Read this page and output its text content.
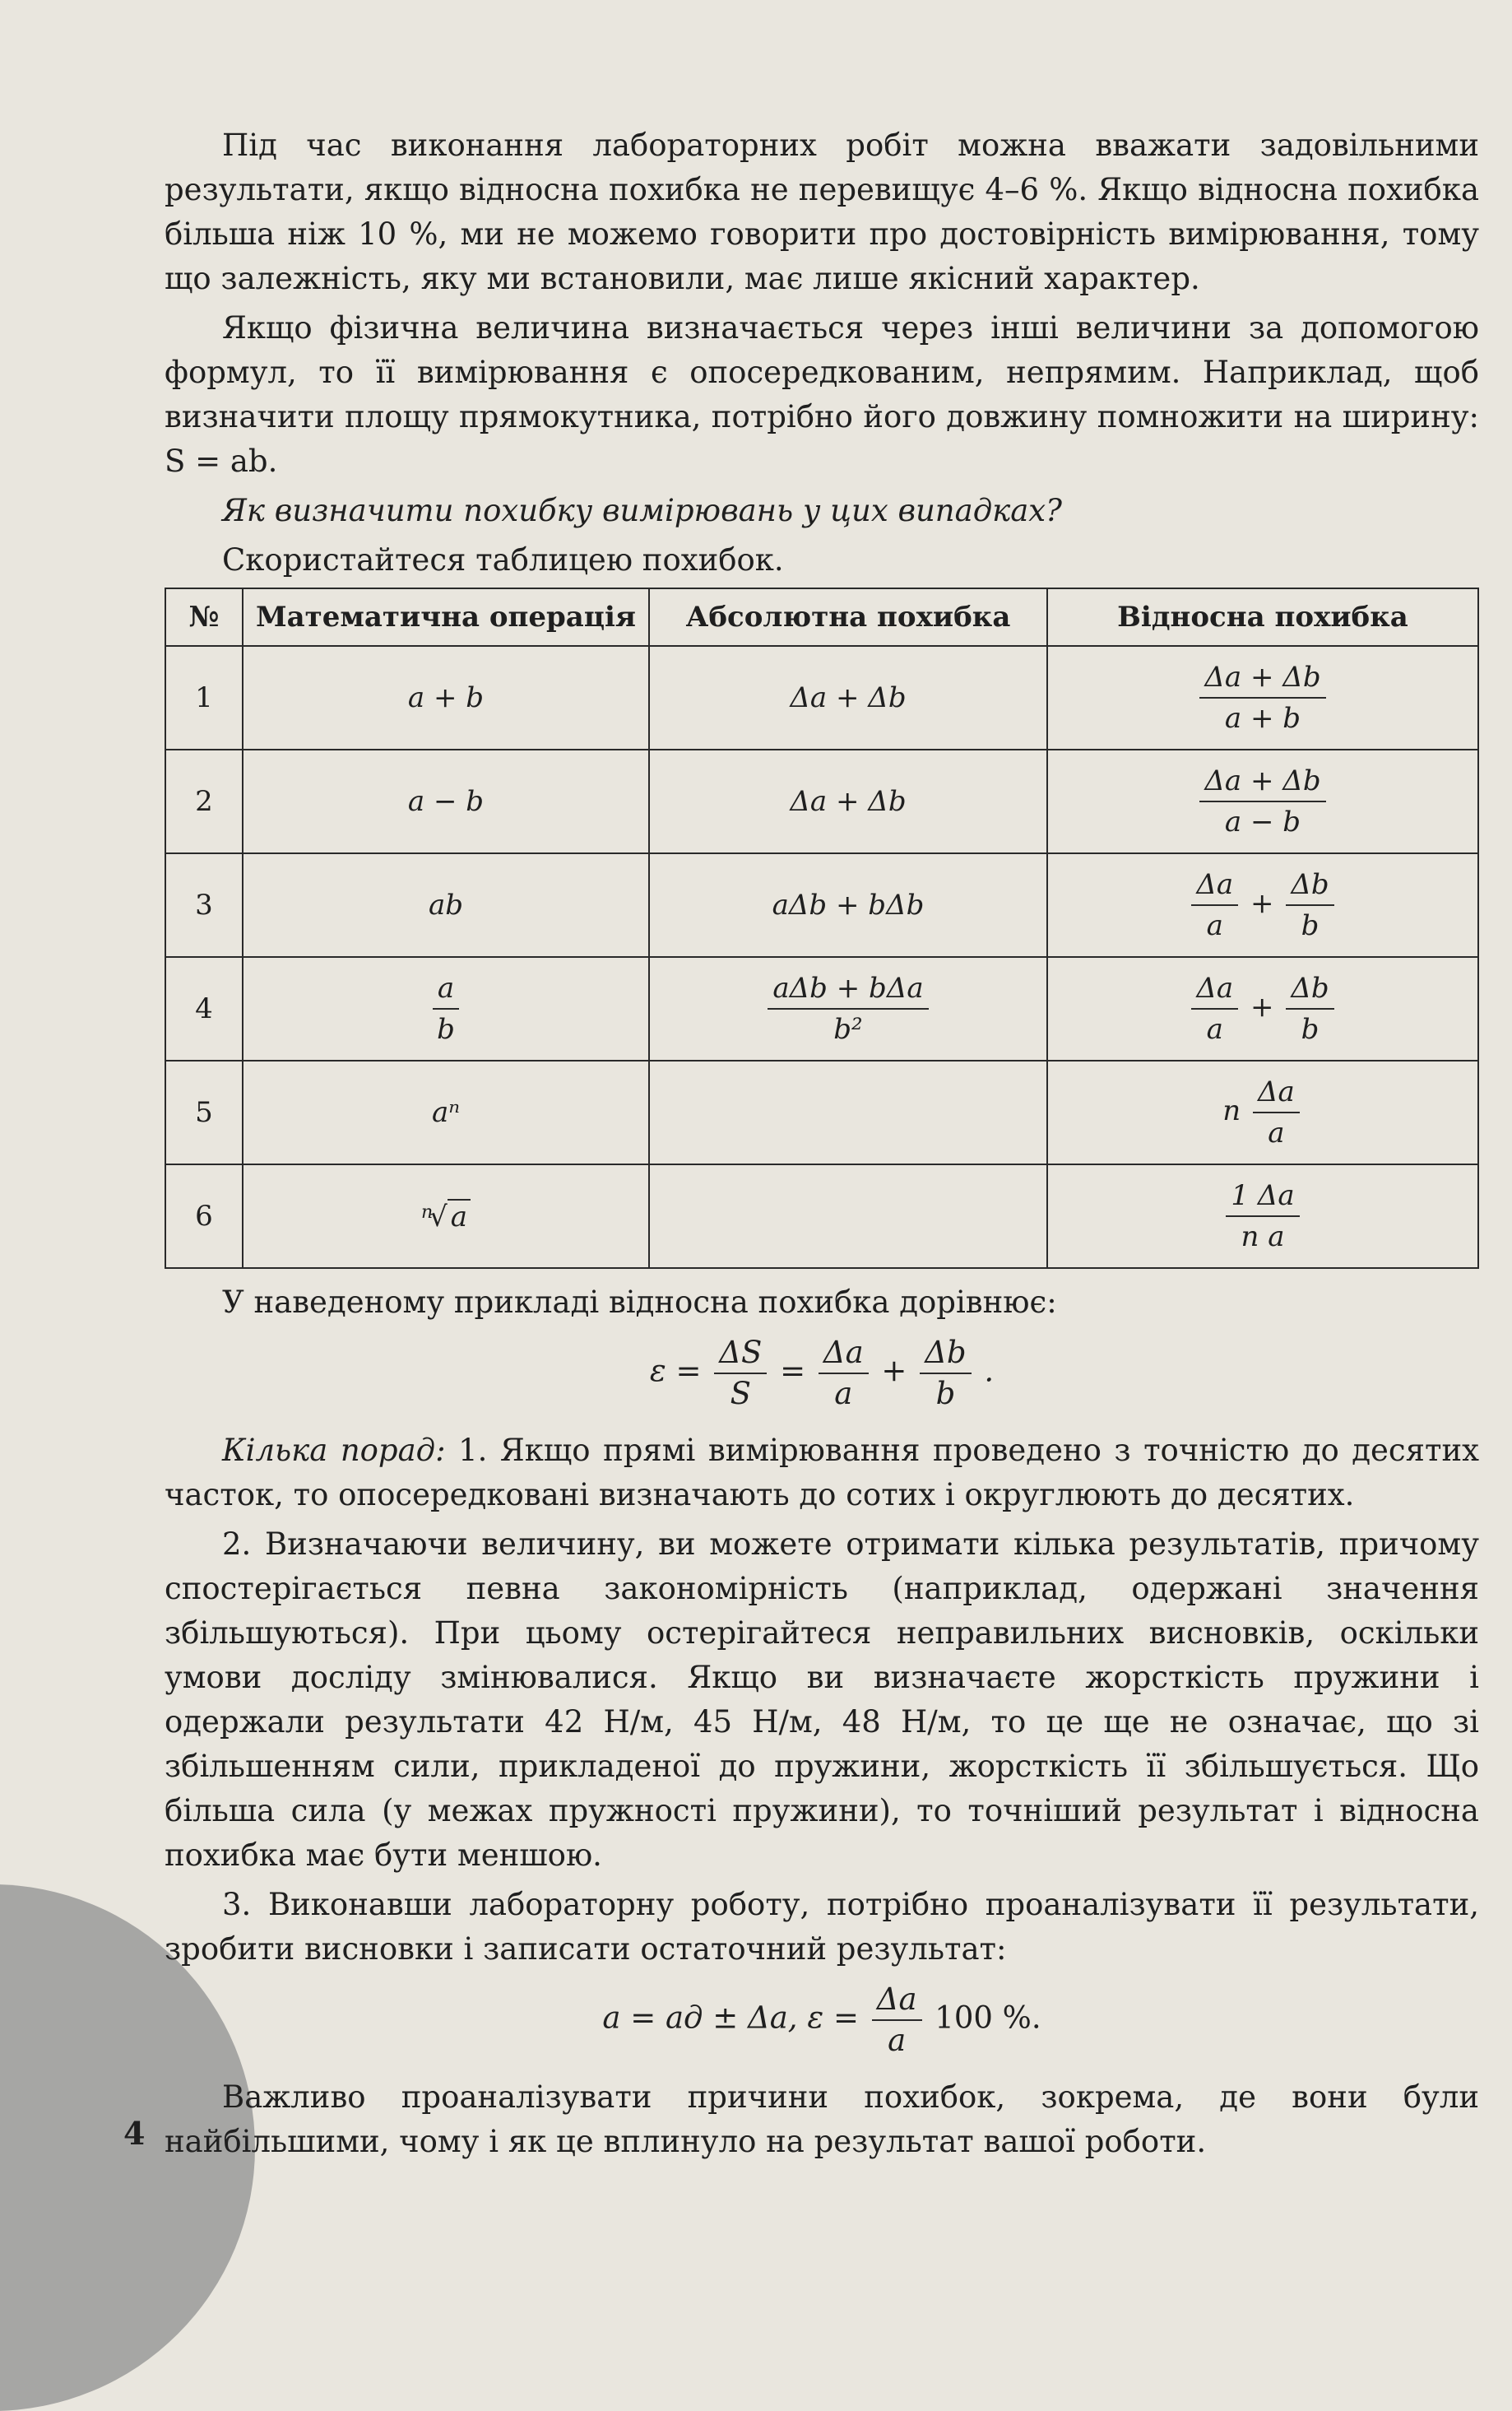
Під час виконання лабораторних робіт можна вважати задовільними результати, якщо відносна похибка не перевищує 4–6 %. Якщо відносна похибка більша ніж 10 %, ми не можемо говорити про достовірність вимірювання, тому що залежність, яку ми встановили, має лише якісний характер.

Якщо фізична величина визначається через інші величини за допомогою формул, то її вимірювання є опосередкованим, непрямим. Наприклад, щоб визначити площу прямокутника, потрібно його довжину помножити на ширину: S = ab.

Як визначити похибку вимірювань у цих випадках?

Скористайтеся таблицею похибок.

№	Математична операція	Абсолютна похибка	Відносна похибка
1	a + b	Δa + Δb	$\frac{\Delta a + \Delta b}{a + b}$

2	a − b	Δa + Δb	$\frac{\Delta a + \Delta b}{a - b}$

3	ab	aΔb + bΔb	$\frac{\Delta a}{a} + \frac{\Delta b}{b}$

4	$\frac{a}{b}$	$\frac{\text{aΔb + bΔa}}{\text{b²}}$	$\frac{\Delta a}{a} + \frac{\Delta b}{b}$

5	aⁿ		n $\frac{\Delta a}{a}$

6	$^n$√ a		$\frac{1 \Delta a}{\text{n a}}$

У наведеному прикладі відносна похибка дорівнює:

$\varepsilon = \frac{\Delta S}{S} = \frac{\Delta a}{a} + \frac{\Delta b}{b}$ .

Кілька порад: 1. Якщо прямі вимірювання проведено з точністю до десятих часток, то опосередковані визначають до сотих і округлюють до десятих.

2. Визначаючи величину, ви можете отримати кілька результатів, причому спостерігається певна закономірність (наприклад, одержані значення збільшуються). При цьому остерігайтеся неправильних висновків, оскільки умови досліду змінювалися. Якщо ви визначаєте жорсткість пружини і одержали результати 42 Н/м, 45 Н/м, 48 Н/м, то це ще не означає, що зі збільшенням сили, прикладеної до пружини, жорсткість її збільшується. Що більша сила (у межах пружності пружини), то точніший результат і відносна похибка має бути меншою.

3. Виконавши лабораторну роботу, потрібно проаналізувати її результати, зробити висновки і записати остаточний результат:

a = aд ± Δa, $\varepsilon = \frac{\Delta a}{a} 100$ %.

Важливо проаналізувати причини похибок, зокрема, де вони були найбільшими, чому і як це вплинуло на результат вашої роботи.

4
